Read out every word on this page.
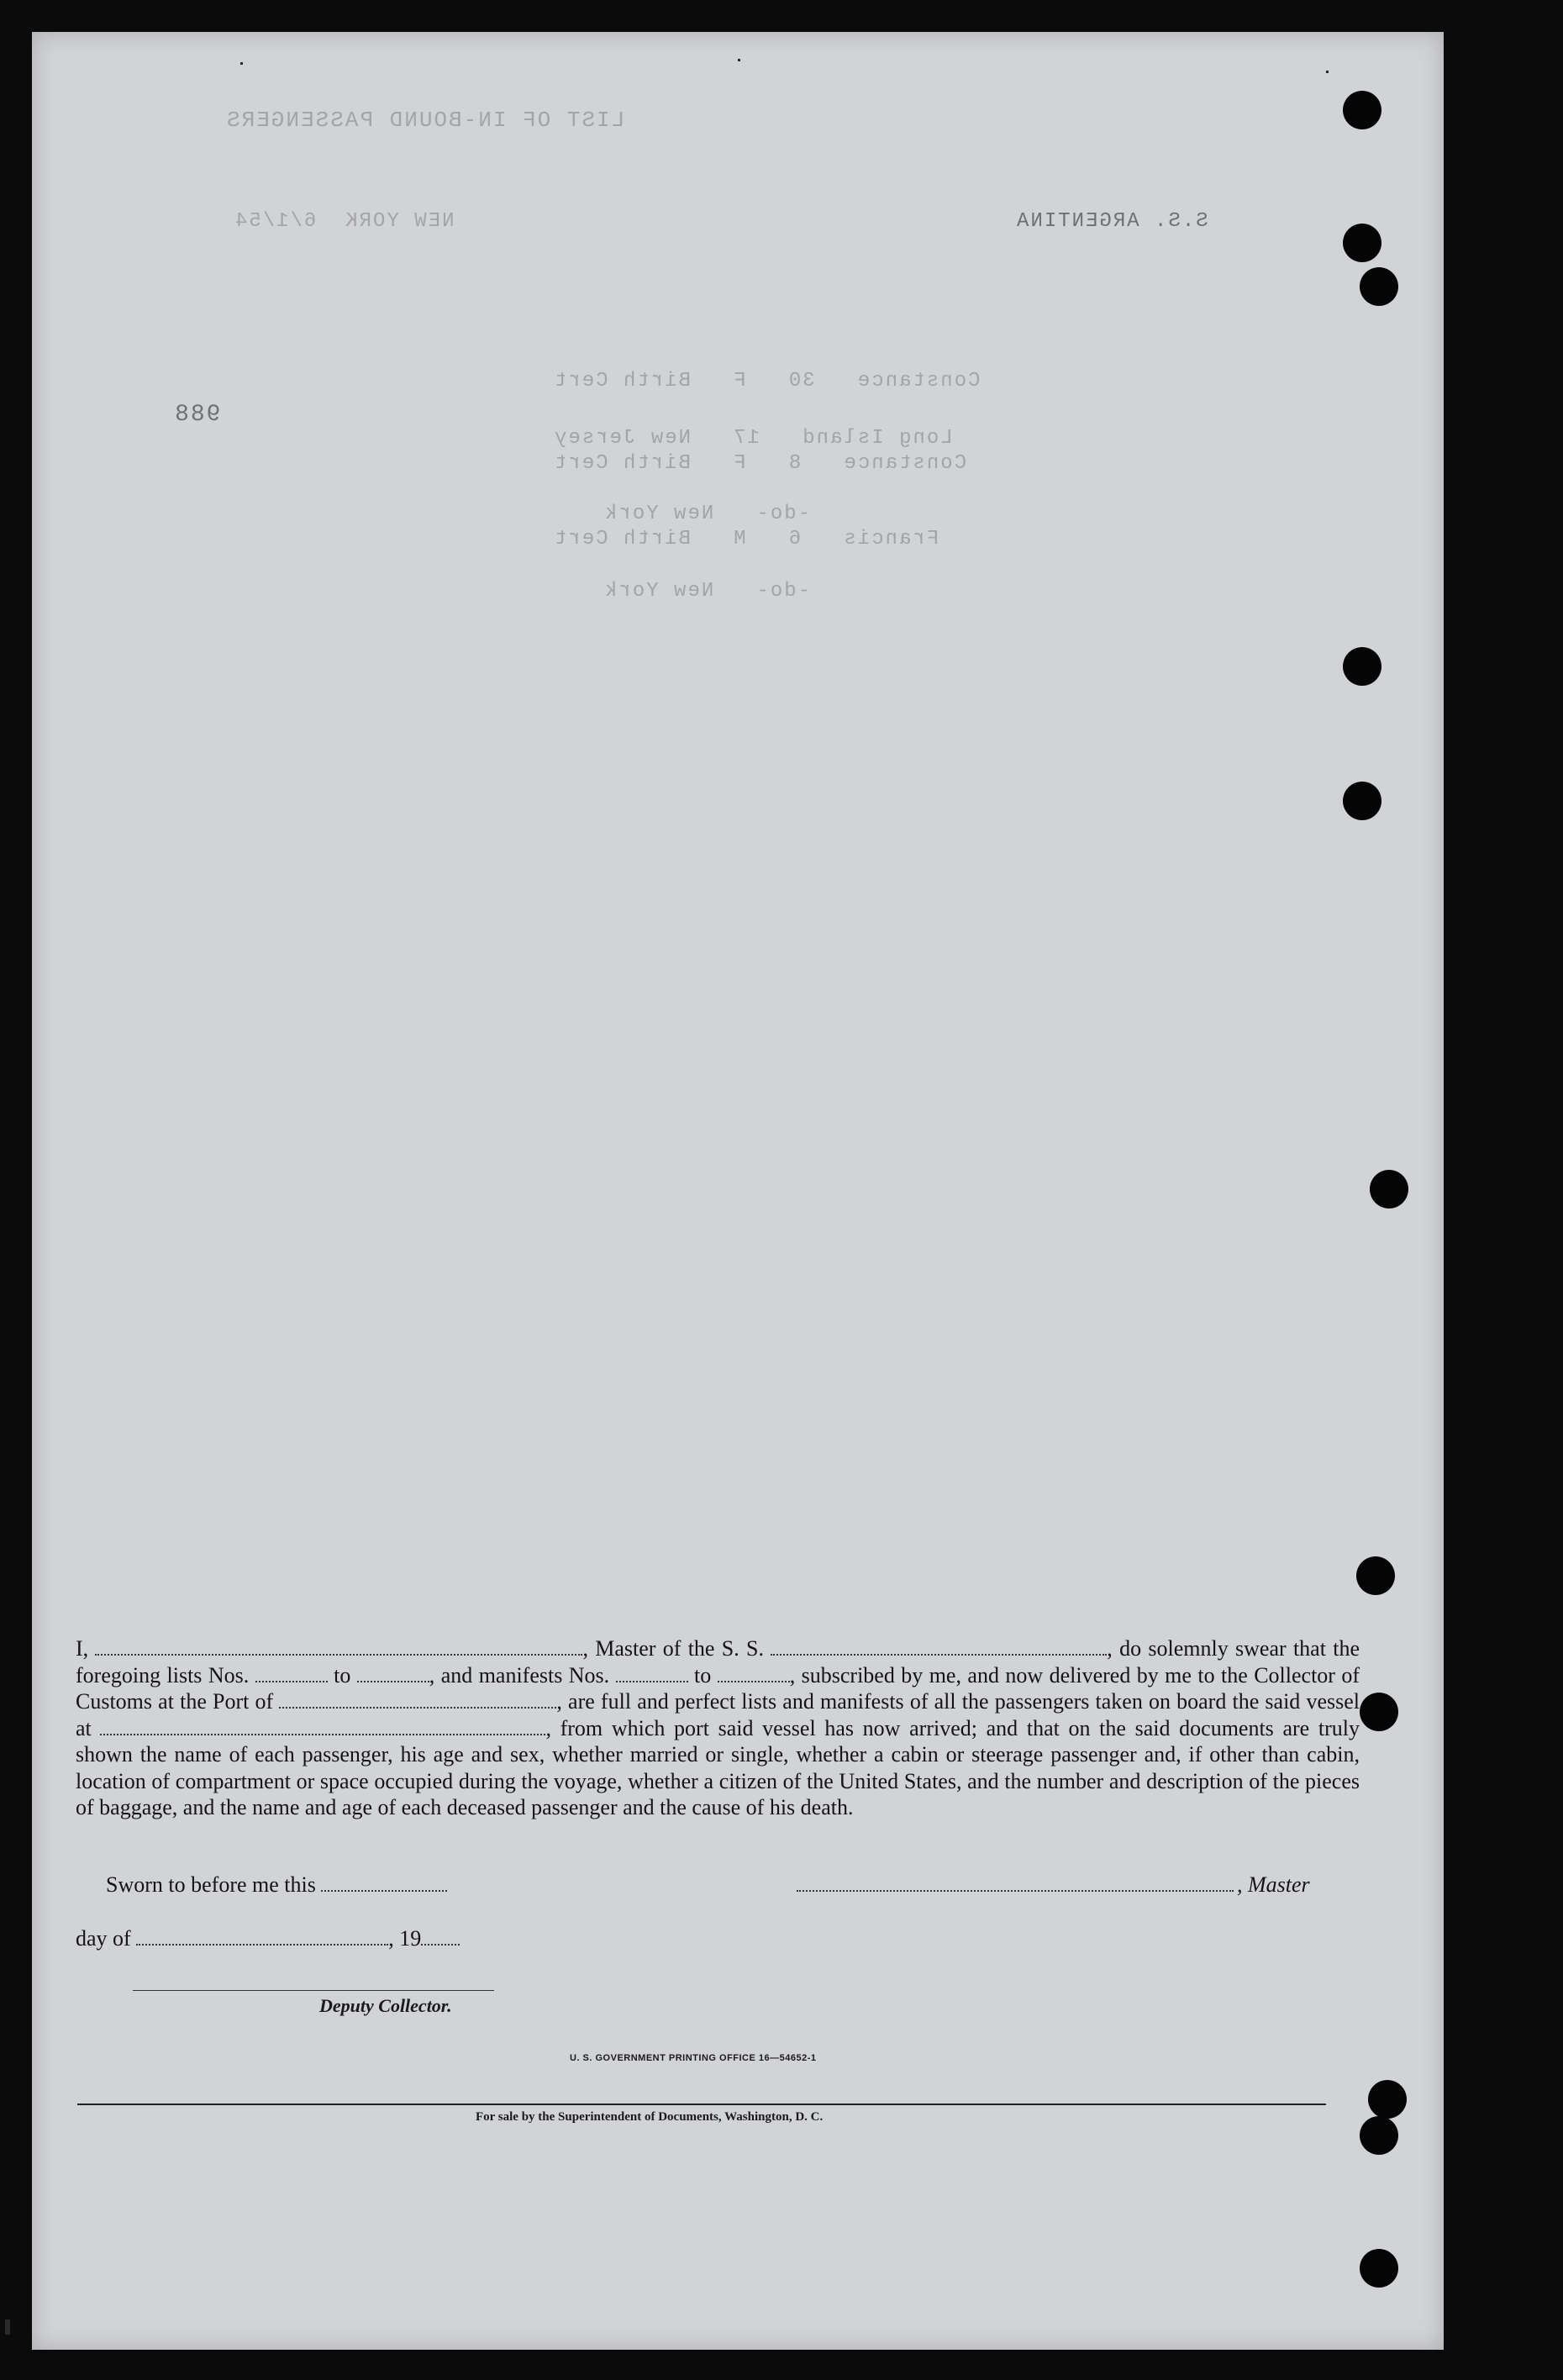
LIST OF IN-BOUND PASSENGERS
NEW YORK  6/1/54	S.S. ARGENTINA
Constance   30   F   Birth Cert
Long Island   17   New Jersey
Constance   8   F   Birth Cert
-do-   New York
Francis   6   M   Birth Cert
-do-   New York
988

I,	, Master of the S. S.	, do solemnly swear that the foregoing lists Nos.	to	, and manifests Nos.	to	, subscribed by me, and now delivered by me to the Collector of Customs at the Port of	, are full and perfect lists and manifests of all the passengers taken on board the said vessel at	, from which port said vessel has now arrived; and that on the said documents are truly shown the name of each passenger, his age and sex, whether married or single, whether a cabin or steerage passenger and, if other than cabin, location of compartment or space occupied during the voyage, whether a citizen of the United States, and the number and description of the pieces of baggage, and the name and age of each deceased passenger and the cause of his death.

Sworn to before me this	, Master
day of	, 19
Deputy Collector.
U. S. GOVERNMENT PRINTING OFFICE 16—54652-1
For sale by the Superintendent of Documents, Washington, D. C.
